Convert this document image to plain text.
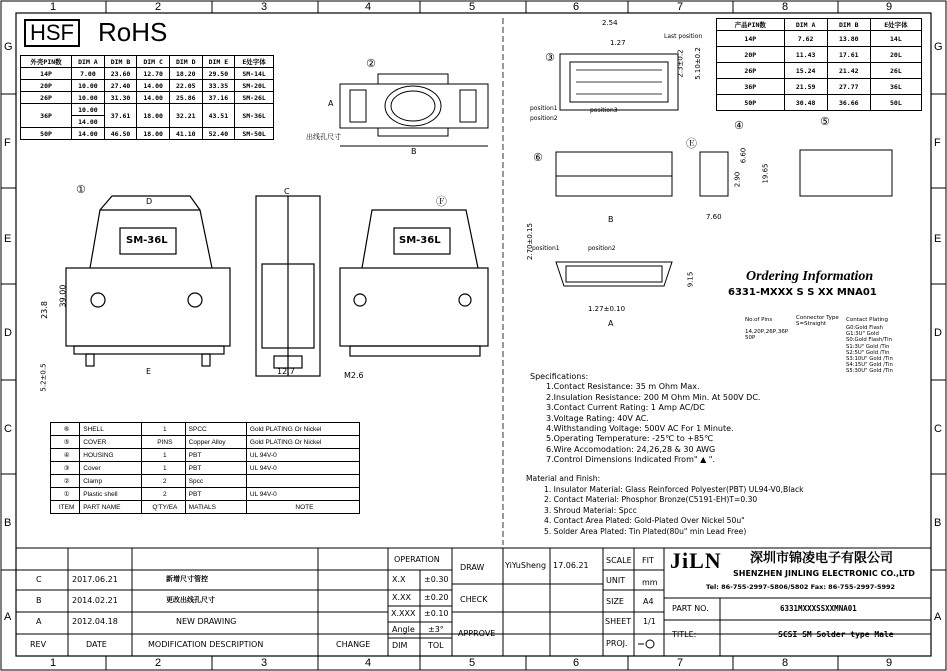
1	2	3	4	5	6	7	8	9
1	2	3	4	5	6	7	8	9
G
F
E
D
C
B
A
G
F
E
D
C
B
A
HSF RoHS
外壳PIN数	DIM A	DIM B	DIM C	DIM D	DIM E	E处字体
14P	7.00	23.60	12.70	18.20	29.50	SM-14L
20P	10.00	27.40	14.00	22.05	33.35	SM-20L
26P	10.00	31.30	14.00	25.86	37.16	SM-26L
36P	10.00	37.61	18.00	32.21	43.51	SM-36L
	14.00					
50P	14.00	46.50	18.00	41.10	52.40	SM-50L
产品PIN数	DIM A	DIM B	E处字体
14P	7.62	13.80	14L
20P	11.43	17.61	20L
26P	15.24	21.42	26L
36P	21.59	27.77	36L
50P	30.48	36.66	50L
出线孔尺寸
B
A
D
E
C
SM-36L	SM-36L
39.00
23.8
5.2±0.5	12.7	M2.6
①
②	③
④	⑤
⑥
Ⓔ
Ⓕ
Last position
2.54
1.27
2.3±0.2 5.10±0.2
position1
position2
position3
6.60
2.90	19.65
7.60
B
2.70±0.15
position1	position2
9.15
1.27±0.10
A
Ordering Information
6331-MXXX S S XX MNA01
No.of Pins
14,20P,26P,36P 50P
Connector Type S=Straight
Contact Plating
G0:Gold Flash
G1:3U" Gold
S0:Gold Flash/Tin
S1:3U" Gold /Tin
S2:5U" Gold /Tin
S3:10U" Gold /Tin
S4:15U" Gold /Tin
S5:30U" Gold /Tin
Specifications:
1.Contact Resistance: 35 m Ohm Max.
2.Insulation Resistance: 200 M Ohm Min. At 500V DC.
3.Contact Current Rating: 1 Amp AC/DC
3.Voltage Rating: 40V AC.
4.Withstanding Voltage: 500V AC For 1 Minute.
5.Operating Temperature: -25℃ to +85℃
6.Wire Accomodation: 24,26,28 & 30 AWG
7.Control Dimensions Indicated From" ▲ ".
Material and Finish:
1. Insulator Material: Glass Reinforced Polyester(PBT) UL94-V0,Black
2. Contact Material: Phosphor Bronze(C5191-EH)T=0.30
3. Shroud Material: Spcc
4. Contact Area Plated: Gold-Plated Over Nickel 50u"
5. Solder Area Plated: Tin Plated(80u" min Lead Free)
⑥	SHELL	1	SPCC	Gold PLATING Or Nickel
⑤	COVER	PINS	Copper Alloy	Gold PLATING Or Nickel
④	HOUSING	1	PBT	UL 94V-0
③	Cover	1	PBT	UL 94V-0
②	Clamp	2	Spcc	
①	Plastic shell	2	PBT	UL 94V-0
ITEM	PART NAME	Q'TY/EA	MATIALS	NOTE
C	2017.06.21	新增尺寸管控
B	2014.02.21	更改出线孔尺寸
A	2012.04.18	NEW DRAWING
REV	DATE	MODIFICATION DESCRIPTION	CHANGE
OPERATION
X.X ±0.30
X.XX ±0.20
X.XXX ±0.10
Angle ±3°
DIM	TOL
DRAW
CHECK
APPROVE
YiYuSheng 17.06.21
SCALE FIT
UNIT mm
SIZE A4
SHEET 1/1
PROJ.
JiLN 深圳市锦凌电子有限公司
SHENZHEN JINLING ELECTRONIC CO.,LTD
Tel: 86-755-2997-5806/5802 Fax: 86-755-2997-5992
PART NO.	6331MXXXSSXXMNA01
TITLE:	SCSI SM Solder type Male
